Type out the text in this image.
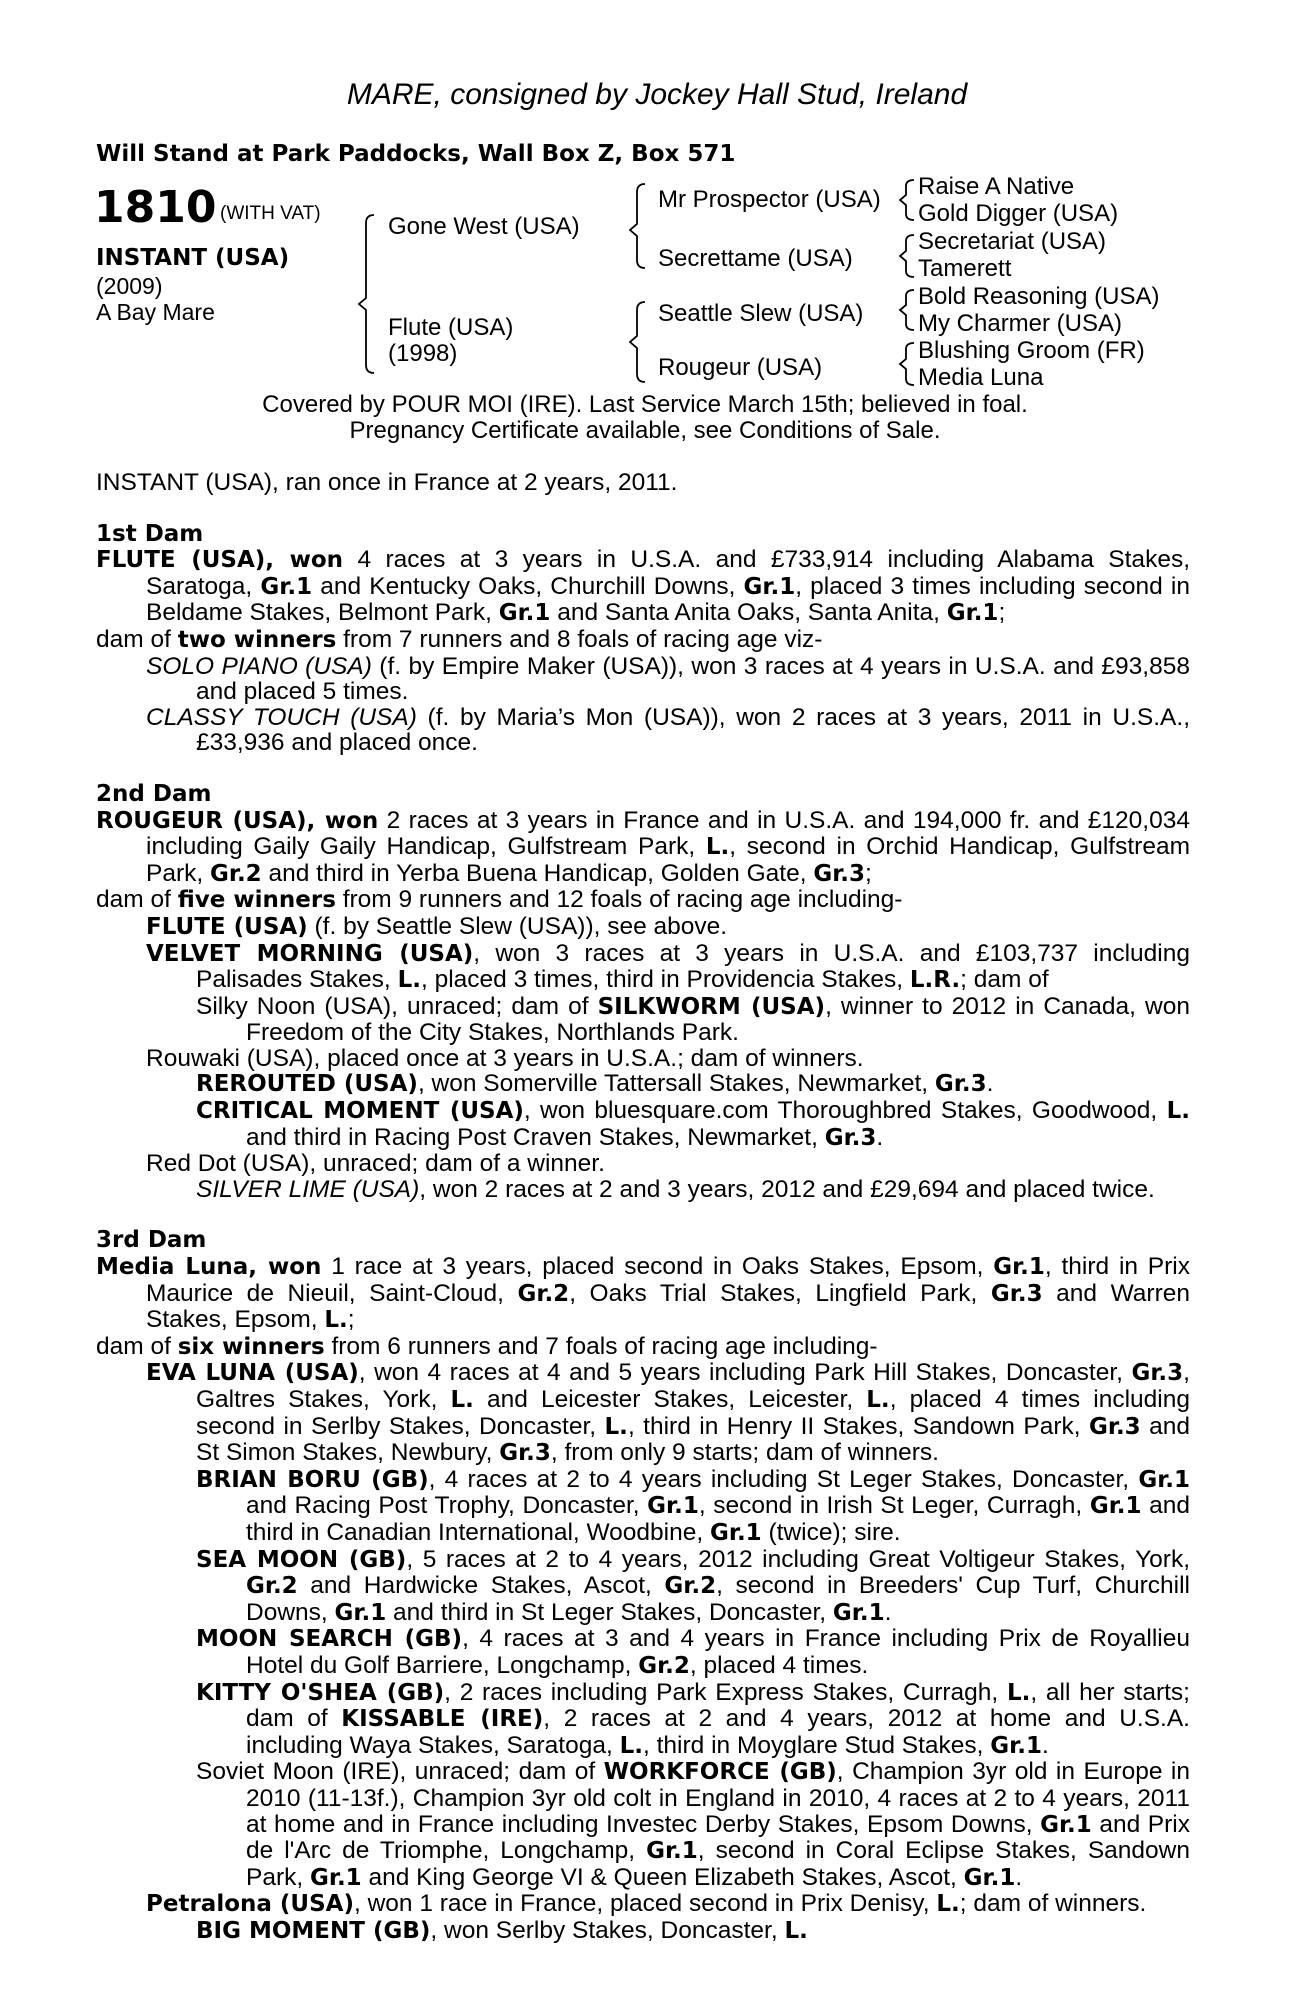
MARE, consigned by Jockey Hall Stud, Ireland
Will Stand at Park Paddocks, Wall Box Z, Box 571
1810 (WITH VAT)
INSTANT (USA)
(2009)
A Bay Mare
Gone West (USA)
Flute (USA)
(1998)
Mr Prospector (USA)
Secrettame (USA)
Seattle Slew (USA)
Rougeur (USA)
Raise A Native
Gold Digger (USA)
Secretariat (USA)
Tamerett
Bold Reasoning (USA)
My Charmer (USA)
Blushing Groom (FR)
Media Luna
Covered by POUR MOI (IRE). Last Service March 15th; believed in foal.
Pregnancy Certificate available, see Conditions of Sale.
INSTANT (USA), ran once in France at 2 years, 2011.
1st Dam
FLUTE (USA), won 4 races at 3 years in U.S.A. and £733,914 including Alabama Stakes, Saratoga, Gr.1 and Kentucky Oaks, Churchill Downs, Gr.1, placed 3 times including second in Beldame Stakes, Belmont Park, Gr.1 and Santa Anita Oaks, Santa Anita, Gr.1;
dam of two winners from 7 runners and 8 foals of racing age viz-
SOLO PIANO (USA) (f. by Empire Maker (USA)), won 3 races at 4 years in U.S.A. and £93,858 and placed 5 times.
CLASSY TOUCH (USA) (f. by Maria’s Mon (USA)), won 2 races at 3 years, 2011 in U.S.A., £33,936 and placed once.
2nd Dam
ROUGEUR (USA), won 2 races at 3 years in France and in U.S.A. and 194,000 fr. and £120,034 including Gaily Gaily Handicap, Gulfstream Park, L., second in Orchid Handicap, Gulfstream Park, Gr.2 and third in Yerba Buena Handicap, Golden Gate, Gr.3;
dam of five winners from 9 runners and 12 foals of racing age including-
FLUTE (USA) (f. by Seattle Slew (USA)), see above.
VELVET MORNING (USA), won 3 races at 3 years in U.S.A. and £103,737 including Palisades Stakes, L., placed 3 times, third in Providencia Stakes, L.R.; dam of
Silky Noon (USA), unraced; dam of SILKWORM (USA), winner to 2012 in Canada, won Freedom of the City Stakes, Northlands Park.
Rouwaki (USA), placed once at 3 years in U.S.A.; dam of winners.
REROUTED (USA), won Somerville Tattersall Stakes, Newmarket, Gr.3.
CRITICAL MOMENT (USA), won bluesquare.com Thoroughbred Stakes, Goodwood, L. and third in Racing Post Craven Stakes, Newmarket, Gr.3.
Red Dot (USA), unraced; dam of a winner.
SILVER LIME (USA), won 2 races at 2 and 3 years, 2012 and £29,694 and placed twice.
3rd Dam
Media Luna, won 1 race at 3 years, placed second in Oaks Stakes, Epsom, Gr.1, third in Prix Maurice de Nieuil, Saint-Cloud, Gr.2, Oaks Trial Stakes, Lingfield Park, Gr.3 and Warren Stakes, Epsom, L.;
dam of six winners from 6 runners and 7 foals of racing age including-
EVA LUNA (USA), won 4 races at 4 and 5 years including Park Hill Stakes, Doncaster, Gr.3, Galtres Stakes, York, L. and Leicester Stakes, Leicester, L., placed 4 times including second in Serlby Stakes, Doncaster, L., third in Henry II Stakes, Sandown Park, Gr.3 and St Simon Stakes, Newbury, Gr.3, from only 9 starts; dam of winners.
BRIAN BORU (GB), 4 races at 2 to 4 years including St Leger Stakes, Doncaster, Gr.1 and Racing Post Trophy, Doncaster, Gr.1, second in Irish St Leger, Curragh, Gr.1 and third in Canadian International, Woodbine, Gr.1 (twice); sire.
SEA MOON (GB), 5 races at 2 to 4 years, 2012 including Great Voltigeur Stakes, York, Gr.2 and Hardwicke Stakes, Ascot, Gr.2, second in Breeders' Cup Turf, Churchill Downs, Gr.1 and third in St Leger Stakes, Doncaster, Gr.1.
MOON SEARCH (GB), 4 races at 3 and 4 years in France including Prix de Royallieu Hotel du Golf Barriere, Longchamp, Gr.2, placed 4 times.
KITTY O'SHEA (GB), 2 races including Park Express Stakes, Curragh, L., all her starts; dam of KISSABLE (IRE), 2 races at 2 and 4 years, 2012 at home and U.S.A. including Waya Stakes, Saratoga, L., third in Moyglare Stud Stakes, Gr.1.
Soviet Moon (IRE), unraced; dam of WORKFORCE (GB), Champion 3yr old in Europe in 2010 (11-13f.), Champion 3yr old colt in England in 2010, 4 races at 2 to 4 years, 2011 at home and in France including Investec Derby Stakes, Epsom Downs, Gr.1 and Prix de l'Arc de Triomphe, Longchamp, Gr.1, second in Coral Eclipse Stakes, Sandown Park, Gr.1 and King George VI & Queen Elizabeth Stakes, Ascot, Gr.1.
Petralona (USA), won 1 race in France, placed second in Prix Denisy, L.; dam of winners.
BIG MOMENT (GB), won Serlby Stakes, Doncaster, L.
